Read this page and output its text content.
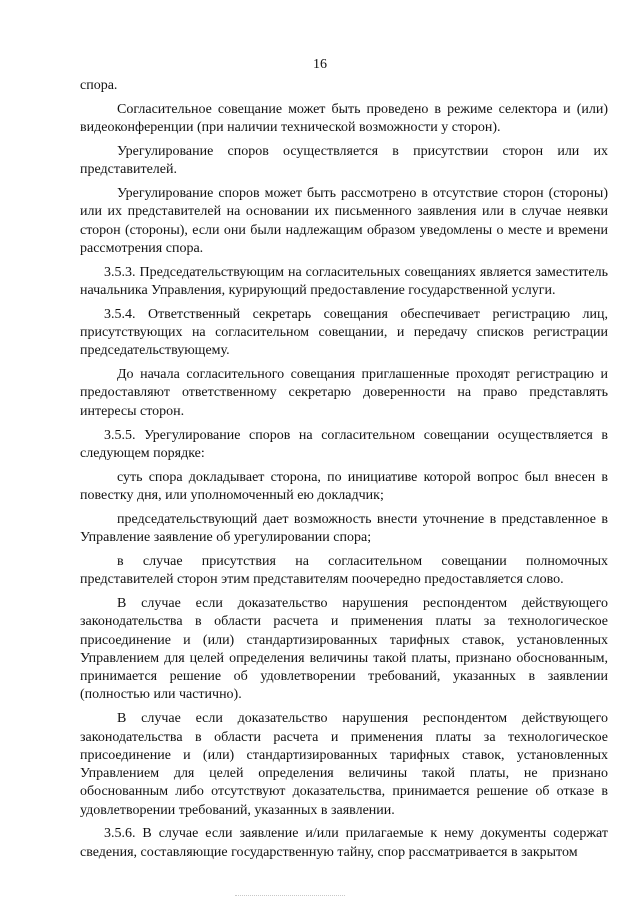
16

спора.

Согласительное совещание может быть проведено в режиме селектора и (или) видеоконференции (при наличии технической возможности у сторон).

Урегулирование споров осуществляется в присутствии сторон или их представителей.

Урегулирование споров может быть рассмотрено в отсутствие сторон (стороны) или их представителей на основании их письменного заявления или в случае неявки сторон (стороны), если они были надлежащим образом уведомлены о месте и времени рассмотрения спора.

3.5.3. Председательствующим на согласительных совещаниях является заместитель начальника Управления, курирующий предоставление государственной услуги.

3.5.4. Ответственный секретарь совещания обеспечивает регистрацию лиц, присутствующих на согласительном совещании, и передачу списков регистрации председательствующему.

До начала согласительного совещания приглашенные проходят регистрацию и предоставляют ответственному секретарю доверенности на право представлять интересы сторон.

3.5.5. Урегулирование споров на согласительном совещании осуществляется в следующем порядке:

суть спора докладывает сторона, по инициативе которой вопрос был внесен в повестку дня, или уполномоченный ею докладчик;

председательствующий дает возможность внести уточнение в представленное в Управление заявление об урегулировании спора;

в случае присутствия на согласительном совещании полномочных представителей сторон этим представителям поочередно предоставляется слово.

В случае если доказательство нарушения респондентом действующего законодательства в области расчета и применения платы за технологическое присоединение и (или) стандартизированных тарифных ставок, установленных Управлением для целей определения величины такой платы, признано обоснованным, принимается решение об удовлетворении требований, указанных в заявлении (полностью или частично).

В случае если доказательство нарушения респондентом действующего законодательства в области расчета и применения платы за технологическое присоединение и (или) стандартизированных тарифных ставок, установленных Управлением для целей определения величины такой платы, не признано обоснованным либо отсутствуют доказательства, принимается решение об отказе в удовлетворении требований, указанных в заявлении.

3.5.6. В случае если заявление и/или прилагаемые к нему документы содержат сведения, составляющие государственную тайну, спор рассматривается в закрытом
